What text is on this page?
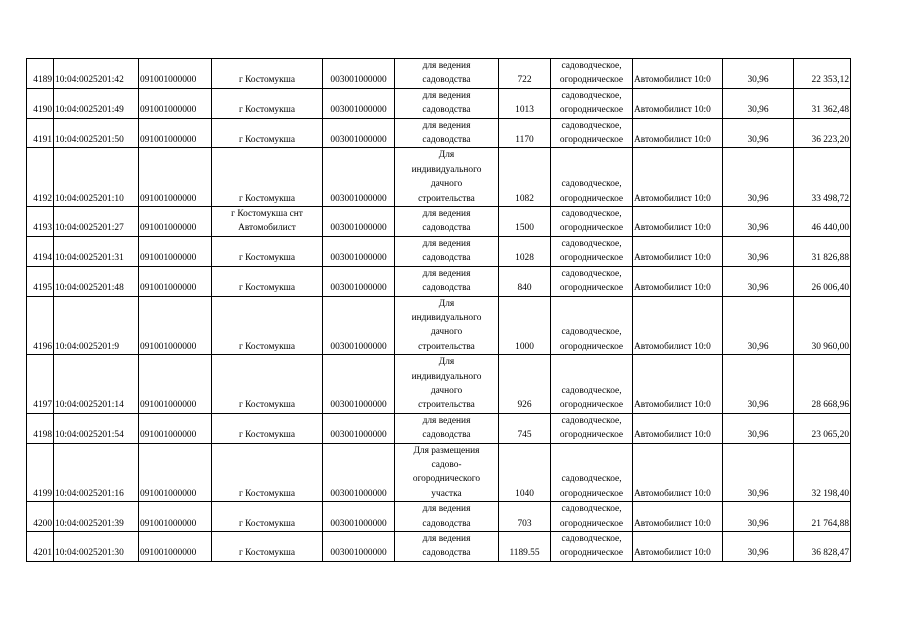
4189	10:04:0025201:42	091001000000	г Костомукша	003001000000	для ведения
садоводства	722	садоводческое,
огородническое	Автомобилист 10:0	30,96	22 353,12
4190	10:04:0025201:49	091001000000	г Костомукша	003001000000	для ведения
садоводства	1013	садоводческое,
огородническое	Автомобилист 10:0	30,96	31 362,48
4191	10:04:0025201:50	091001000000	г Костомукша	003001000000	для ведения
садоводства	1170	садоводческое,
огородническое	Автомобилист 10:0	30,96	36 223,20
4192	10:04:0025201:10	091001000000	г Костомукша	003001000000	Для
индивидуального
дачного
строительства	1082	садоводческое,
огородническое	Автомобилист 10:0	30,96	33 498,72
4193	10:04:0025201:27	091001000000	г Костомукша снт
Автомобилист	003001000000	для ведения
садоводства	1500	садоводческое,
огородническое	Автомобилист 10:0	30,96	46 440,00
4194	10:04:0025201:31	091001000000	г Костомукша	003001000000	для ведения
садоводства	1028	садоводческое,
огородническое	Автомобилист 10:0	30,96	31 826,88
4195	10:04:0025201:48	091001000000	г Костомукша	003001000000	для ведения
садоводства	840	садоводческое,
огородническое	Автомобилист 10:0	30,96	26 006,40
4196	10:04:0025201:9	091001000000	г Костомукша	003001000000	Для
индивидуального
дачного
строительства	1000	садоводческое,
огородническое	Автомобилист 10:0	30,96	30 960,00
4197	10:04:0025201:14	091001000000	г Костомукша	003001000000	Для
индивидуального
дачного
строительства	926	садоводческое,
огородническое	Автомобилист 10:0	30,96	28 668,96
4198	10:04:0025201:54	091001000000	г Костомукша	003001000000	для ведения
садоводства	745	садоводческое,
огородническое	Автомобилист 10:0	30,96	23 065,20
4199	10:04:0025201:16	091001000000	г Костомукша	003001000000	Для размещения
садово-
огороднического
участка	1040	садоводческое,
огородническое	Автомобилист 10:0	30,96	32 198,40
4200	10:04:0025201:39	091001000000	г Костомукша	003001000000	для ведения
садоводства	703	садоводческое,
огородническое	Автомобилист 10:0	30,96	21 764,88
4201	10:04:0025201:30	091001000000	г Костомукша	003001000000	для ведения
садоводства	1189.55	садоводческое,
огородническое	Автомобилист 10:0	30,96	36 828,47
